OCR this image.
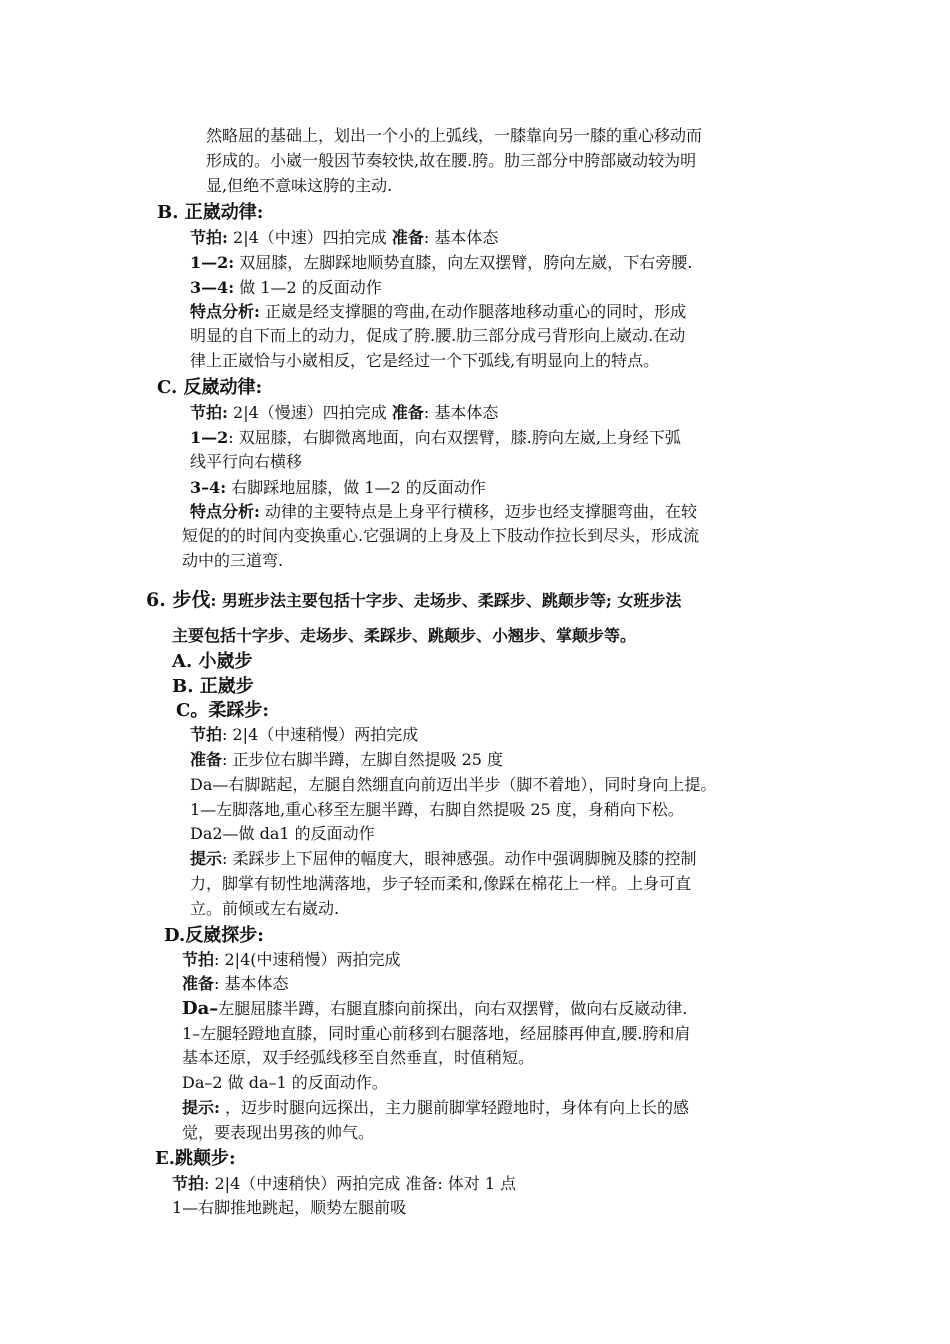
然略屈的基础上，划出一个小的上弧线，一膝靠向另一膝的重心移动而
形成的。小崴一般因节奏较快,故在腰.胯。肋三部分中胯部崴动较为明
显,但绝不意味这胯的主动.
B. 正崴动律:
节拍: 2|4（中速）四拍完成 准备: 基本体态
1—2: 双屈膝，左脚踩地顺势直膝，向左双摆臂，胯向左崴，下右旁腰.
3—4: 做 1—2 的反面动作
特点分析: 正崴是经支撑腿的弯曲,在动作腿落地移动重心的同时，形成
明显的自下而上的动力，促成了胯.腰.肋三部分成弓背形向上崴动.在动
律上正崴恰与小崴相反，它是经过一个下弧线,有明显向上的特点。
C. 反崴动律:
节拍: 2|4（慢速）四拍完成 准备: 基本体态
1—2: 双屈膝，右脚微离地面，向右双摆臂，膝.胯向左崴,上身经下弧
线平行向右横移
3–4: 右脚踩地屈膝，做 1—2 的反面动作
特点分析: 动律的主要特点是上身平行横移，迈步也经支撑腿弯曲，在较
短促的的时间内变换重心.它强调的上身及上下肢动作拉长到尽头，形成流
动中的三道弯.
6. 步伐: 男班步法主要包括十字步、走场步、柔踩步、跳颠步等; 女班步法
主要包括十字步、走场步、柔踩步、跳颠步、小翘步、掌颠步等。
A. 小崴步
B. 正崴步
C。柔踩步:
节拍: 2|4（中速稍慢）两拍完成
准备: 正步位右脚半蹲，左脚自然提吸 25 度
Da—右脚踮起，左腿自然绷直向前迈出半步（脚不着地），同时身向上提。
1—左脚落地,重心移至左腿半蹲，右脚自然提吸 25 度，身稍向下松。
Da2—做 da1 的反面动作
提示: 柔踩步上下屈伸的幅度大，眼神感强。动作中强调脚腕及膝的控制
力，脚掌有韧性地满落地，步子轻而柔和,像踩在棉花上一样。上身可直
立。前倾或左右崴动.
D.反崴探步:
节拍: 2|4(中速稍慢）两拍完成
准备: 基本体态
Da–左腿屈膝半蹲，右腿直膝向前探出，向右双摆臂，做向右反崴动律.
1–左腿轻蹬地直膝，同时重心前移到右腿落地，经屈膝再伸直,腰.胯和肩
基本还原，双手经弧线移至自然垂直，时值稍短。
Da–2 做 da–1 的反面动作。
提示: ，迈步时腿向远探出，主力腿前脚掌轻蹬地时，身体有向上长的感
觉，要表现出男孩的帅气。
E.跳颠步:
节拍: 2|4（中速稍快）两拍完成 准备: 体对 1 点
1—右脚推地跳起，顺势左腿前吸
